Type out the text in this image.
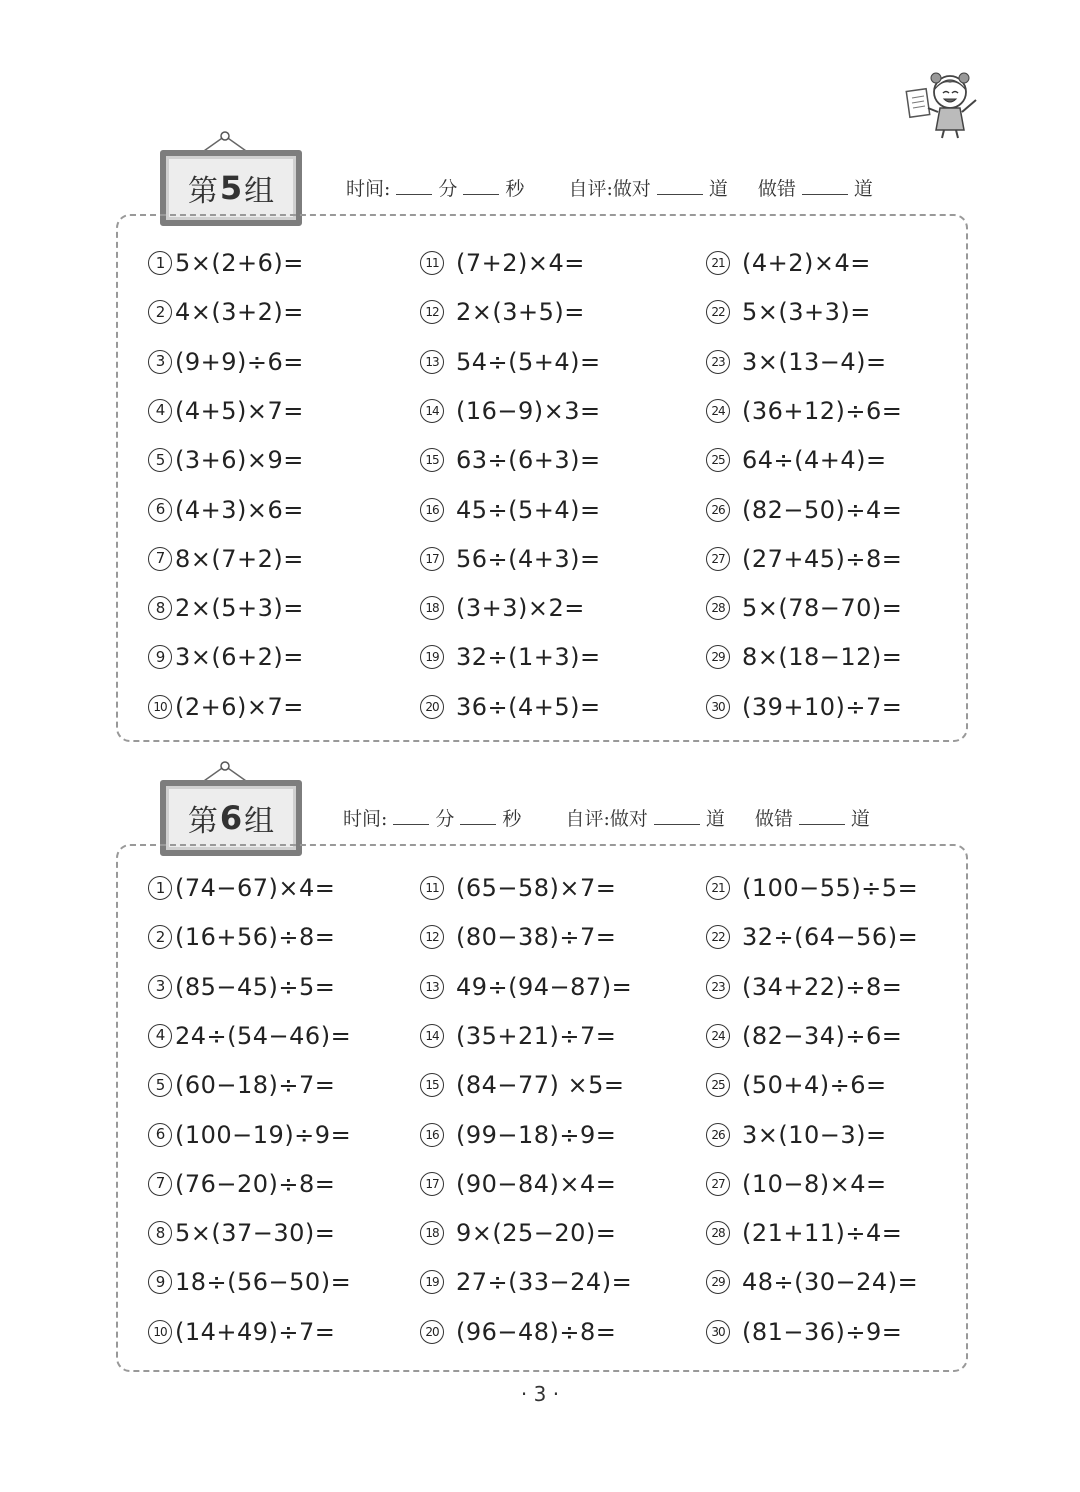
第 5 组	时间:	分	秒 自评:做对	道 做错	道
1 5×(2+6)=
2 4×(3+2)=
3 (9+9)÷6=
4 (4+5)×7=
5 (3+6)×9=
6 (4+3)×6=
7 8×(7+2)=
8 2×(5+3)=
9 3×(6+2)=
10 (2+6)×7=
11 (7+2)×4=
12 2×(3+5)=
13 54÷(5+4)=
14 (16−9)×3=
15 63÷(6+3)=
16 45÷(5+4)=
17 56÷(4+3)=
18 (3+3)×2=
19 32÷(1+3)=
20 36÷(4+5)=
21 (4+2)×4=
22 5×(3+3)=
23 3×(13−4)=
24 (36+12)÷6=
25 64÷(4+4)=
26 (82−50)÷4=
27 (27+45)÷8=
28 5×(78−70)=
29 8×(18−12)=
30 (39+10)÷7=
第 6 组	时间:	分	秒 自评:做对	道 做错	道
1 (74−67)×4=
2 (16+56)÷8=
3 (85−45)÷5=
4 24÷(54−46)=
5 (60−18)÷7=
6 (100−19)÷9=
7 (76−20)÷8=
8 5×(37−30)=
9 18÷(56−50)=
10 (14+49)÷7=
11 (65−58)×7=
12 (80−38)÷7=
13 49÷(94−87)=
14 (35+21)÷7=
15 (84−77) ×5=
16 (99−18)÷9=
17 (90−84)×4=
18 9×(25−20)=
19 27÷(33−24)=
20 (96−48)÷8=
21 (100−55)÷5=
22 32÷(64−56)=
23 (34+22)÷8=
24 (82−34)÷6=
25 (50+4)÷6=
26 3×(10−3)=
27 (10−8)×4=
28 (21+11)÷4=
29 48÷(30−24)=
30 (81−36)÷9=
· 3 ·
